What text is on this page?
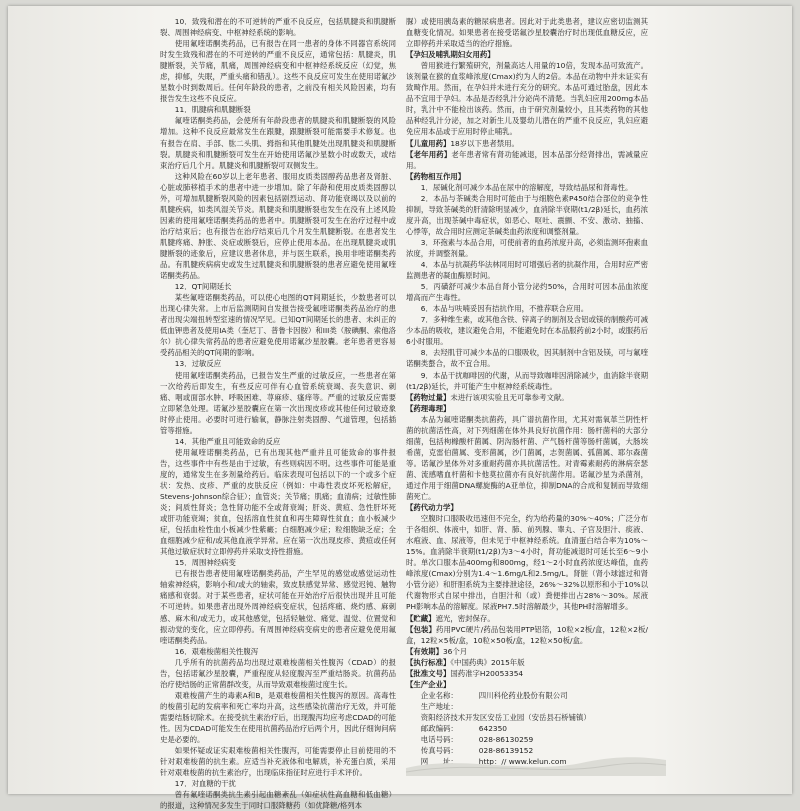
10．致残和潜在的不可逆转的严重不良反应，包括肌腱炎和肌腱断裂、周围神经病变、中枢神经系统的影响。

使用氟喹诺酮类药品，已有报告在同一患者的身体不同器官系统同时发生致残和潜在的不可逆转的严重不良反应，通常包括：肌腱炎，肌腱断裂，关节痛，肌痛，周围神经病变和中枢神经系统反应（幻觉，焦虑，抑郁，失眠，严重头痛和错乱）。这些不良反应可发生在使用诺氟沙星数小时到数周后。任何年龄段的患者，之前没有相关风险因素，均有报告发生这些不良反应。

11．肌腱病和肌腱断裂

氟喹诺酮类药品，会使所有年龄段患者的肌腱炎和肌腱断裂的风险增加。这种不良反应最常发生在跟腱，跟腱断裂可能需要手术修复。也有报告在肩、手部、肱二头肌、拇指和其他肌腱处出现肌腱炎和肌腱断裂。肌腱炎和肌腱断裂可发生在开始使用诺氟沙星数小时或数天，或结束治疗后几个月。肌腱炎和肌腱断裂可双侧发生。

这种风险在60岁以上老年患者、服用皮质类固醇药品患者及肾脏、心脏或肺移植手术的患者中进一步增加。除了年龄和使用皮质类固醇以外，可增加肌腱断裂风险的因素包括剧烈运动、肾功能衰竭以及以前的肌腱疾病，如类风湿关节炎。肌腱炎和肌腱断裂也发生在没有上述风险因素的使用氟喹诺酮类药品的患者中。肌腱断裂可发生在治疗过程中或治疗结束后；也有报告在治疗结束后几个月发生肌腱断裂。在患者发生肌腱疼痛、肿胀、炎症或断裂后，应停止使用本品。在出现肌腱炎或肌腱断裂的迹象后，应建议患者休息，并与医生联系，换用非喹诺酮类药品。有肌腱疾病病史或发生过肌腱炎和肌腱断裂的患者应避免使用氟喹诺酮类药品。

12．QT间期延长

某些氟喹诺酮类药品，可以使心电图的QT间期延长，少数患者可以出现心律失常。上市后监测期间自发报告接受氟喹诺酮类药品治疗的患者出现尖端扭转型室速的情况罕见。已知QT间期延长的患者、未纠正的低血钾患者及使用IA类（奎尼丁、普鲁卡因胺）和III类（胺碘酮、索他洛尔）抗心律失常药品的患者应避免使用诺氟沙星胶囊。老年患者更容易受药品相关的QT间期的影响。

13．过敏反应

使用氟喹诺酮类药品，已报告发生严重的过敏反应，一些患者在第一次给药后即发生，有些反应可伴有心血管系统衰竭、丧失意识、刺痛、咽或面部水肿、呼吸困难、荨麻疹、瘙痒等。严重的过敏反应需要立即紧急处理。诺氟沙星胶囊应在第一次出现皮疹或其他任何过敏迹象时停止使用。必要时可进行输氧，静脉注射类固醇、气道管理，包括插管等措施。

14．其他严重且可能致命的反应

使用氟喹诺酮类药品，已有出现其他严重并且可能致命的事件报告，这些事件中有些是由于过敏，有些则病因不明。这些事件可能是重度的，通常发生在多剂量给药后。临床表现可包括以下的一个或多个症状：发热、皮疹、严重的皮肤反应（例如：中毒性表皮坏死松解症，Stevens-Johnson综合征）；血管炎；关节痛；肌痛；血清病；过敏性肺炎；间质性肾炎；急性肾功能不全或肾衰竭；肝炎、黄疸、急性肝坏死或肝功能衰竭；贫血，包括溶血性贫血和再生障碍性贫血；血小板减少症，包括血栓性血小板减少性紫癜；白细胞减少症；粒细胞缺乏症；全血细胞减少症和/或其他血液学异常。应在第一次出现皮疹、黄疸或任何其他过敏症状时立即停药并采取支持性措施。

15．周围神经病变

已有报告患者使用氟喹诺酮类药品，产生罕见的感觉或感觉运动性轴索神经病，影响小和/或大的轴索，致皮肤感觉异常、感觉迟钝、触物痛感和衰弱。对于某些患者，症状可能在开始治疗后很快出现并且可能不可逆转。如果患者出现外周神经病变症状，包括疼痛、烧灼感、麻刺感、麻木和/或无力，或其他感觉，包括轻触觉、痛觉、温觉、位置觉和振动觉的变化，应立即停药。有周围神经病变病史的患者应避免使用氟喹诺酮类药品。

16．艰难梭菌相关性腹泻

几乎所有的抗菌药品均出现过艰难梭菌相关性腹泻（CDAD）的报告，包括诺氟沙星胶囊，严重程度从轻度腹泻至严重结肠炎。抗菌药品治疗使结肠的正常菌群改变，从而导致艰难梭菌过度生长。

艰难梭菌产生的毒素A和B，是艰难梭菌相关性腹泻的原因。高毒性的梭菌引起的发病率和死亡率均升高，这些感染抗菌治疗无效，并可能需要结肠切除术。在接受抗生素治疗后，出现腹泻均应考虑CDAD的可能性。因为CDAD可能发生在使用抗菌药品治疗后两个月，因此仔细询问病史是必要的。

如果怀疑或证实艰难梭菌相关性腹泻，可能需要停止目前使用的不针对艰难梭菌的抗生素。应适当补充液体和电解质，补充蛋白质，采用针对艰难梭菌的抗生素治疗，出现临床指征时应进行手术评价。

17．对血糖的干扰

曾有氟喹诺酮类抗生素引起血糖紊乱（如症状性高血糖和低血糖）的报道，这种情况多发生于同时口服降糖药（如优降糖/格列本

脲）或使用胰岛素的糖尿病患者。因此对于此类患者，建议应密切监测其血糖变化情况。如果患者在接受诺氟沙星胶囊治疗时出现低血糖反应，应立即停药并采取适当的治疗措施。

【孕妇及哺乳期妇女用药】

曾用猴进行繁殖研究，剂量高达人用量的10倍，发现本品可致流产。该剂量在猴的血浆峰浓度(Cmax)约为人的2倍。本品在动物中并未证实有致畸作用。然而，在孕妇并未进行充分的研究。本品可通过胎盘，因此本品不宜用于孕妇。本品是否经乳汁分泌尚不清楚。当乳妇应用200mg本品时，乳汁中不能检出该药。然而，由于研究剂量较小，且其类药物的其他品种经乳汁分泌，加之对新生儿及婴幼儿潜在的严重不良反应，乳妇应避免应用本品或于应用时停止哺乳。

【儿童用药】18岁以下患者禁用。

【老年用药】老年患者常有肾功能减退，因本品部分经肾排出，需减量应用。

【药物相互作用】

1．尿碱化剂可减少本品在尿中的溶解度，导致结晶尿和肾毒性。

2．本品与茶碱类合用时可能由于与细胞色素P450结合部位的竞争性抑制，导致茶碱类的肝清除明显减少，血消除半衰期(t1/2β)延长，血药浓度升高，出现茶碱中毒症状，如恶心、呕吐、震颤、不安、激动、抽搐、心悸等，故合用时应测定茶碱类血药浓度和调整剂量。

3．环孢素与本品合用，可使前者的血药浓度升高，必须监测环孢素血浓度，并调整剂量。

4．本品与抗凝药华法林同用时可增强后者的抗凝作用，合用时应严密监测患者的凝血酶原时间。

5．丙磺舒可减少本品自肾小管分泌约50%，合用时可因本品血浓度增高而产生毒性。

6．本品与呋喃妥因有拮抗作用，不推荐联合应用。

7．多种维生素，或其他含铁、锌离子的制剂及含铝或镁的制酸药可减少本品的吸收，建议避免合用，不能避免时在本品服药前2小时，或服药后6小时服用。

8．去羟肌苷可减少本品的口服吸收，因其制剂中含铝及镁，可与氟喹诺酮类螯合，故不宜合用。

9．本品干扰咖啡因的代谢，从而导致咖啡因消除减少，血消除半衰期(t1/2β)延长，并可能产生中枢神经系统毒性。

【药物过量】未进行该项实验且无可靠参考文献。

【药理毒理】

本品为氟喹诺酮类抗菌药，具广谱抗菌作用，尤其对需氧革兰阴性杆菌的抗菌活性高，对下列细菌在体外具良好抗菌作用：肠杆菌科的大部分细菌，包括枸橼酸杆菌属、阴沟肠杆菌、产气肠杆菌等肠杆菌属，大肠埃希菌，克雷伯菌属、变形菌属，沙门菌属，志贺菌属、弧菌属、耶尔森菌等。诺氟沙星体外对多重耐药菌亦具抗菌活性。对青霉素耐药的淋病奈瑟菌、流感嗜血杆菌和卡他莫拉菌亦有良好抗菌作用。诺氟沙星为杀菌剂，通过作用于细菌DNA螺旋酶的A亚单位，抑制DNA的合成和复制而导致细菌死亡。

【药代动力学】

空腹时口服吸收迅速但不完全，约为给药量的30%～40%；广泛分布于各组织、体液中，如肝、肾、肺、前列腺、睾丸、子宫及胆汁、痰液、水疱液、血、尿液等，但未见于中枢神经系统。血清蛋白结合率为10%～15%。血消除半衰期(t1/2β)为3～4小时，肾功能减退时可延长至6～9小时。单次口服本品400mg和800mg，经1～2小时血药浓度达峰值，血药峰浓度(Cmax)分别为1.4～1.6mg/L和2.5mg/L。肾脏（肾小球滤过和肾小管分泌）和肝胆系统为主要排泄途径，26%～32%以原形和小于10%以代谢物形式自尿中排出，自胆汁和（或）粪便排出占28%～30%。尿液PH影响本品的溶解度。尿液PH7.5时溶解最少，其他PH时溶解增多。

【贮藏】遮光，密封保存。

【包装】药用PVC硬片/药品包装用PTP铝箔，10粒×2板/盒，12粒×2板/盒，12粒×5板/盒，10粒×50板/盒，12粒×50板/盒。

【有效期】36个月

【执行标准】《中国药典》2015年版

【批准文号】国药准字H20053354

【生产企业】

企业名称：	四川科伦药业股份有限公司

生产地址：资阳经济技术开发区安岳工业园（安岳县石桥铺镇）

邮政编码：	642350

电话号码：	028-86130259

传真号码：	028-86139152

网　　址：	http：// www.kelun.com
